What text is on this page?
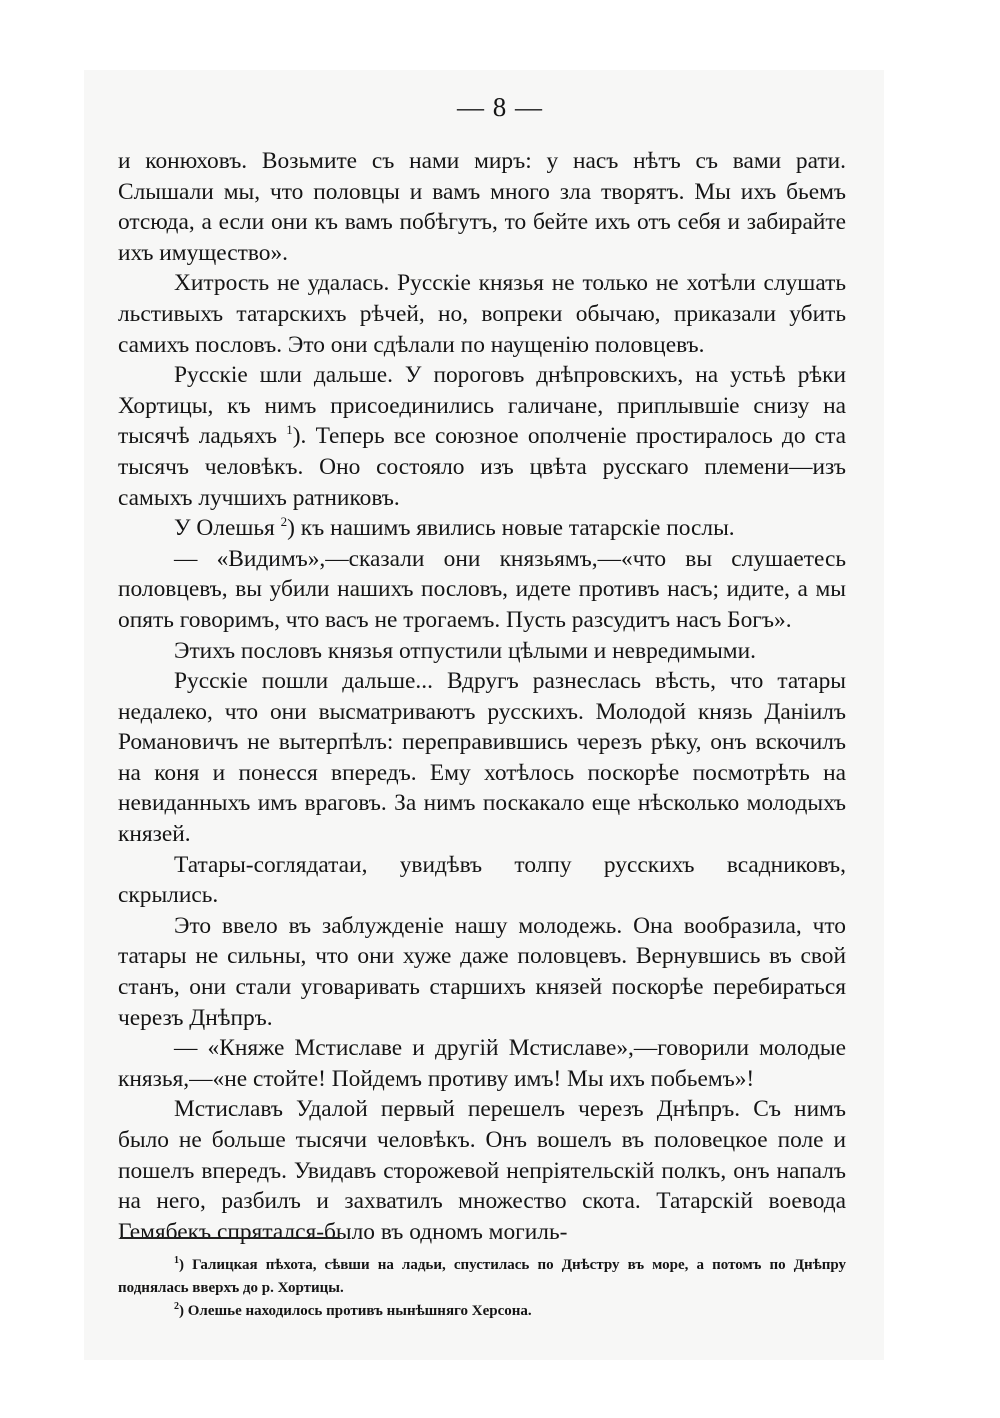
— 8 —

и конюховъ. Возьмите съ нами миръ: у насъ нѣтъ съ вами рати. Слышали мы, что половцы и вамъ много зла творятъ. Мы ихъ бьемъ отсюда, а если они къ вамъ побѣгутъ, то бейте ихъ отъ себя и забирайте ихъ имущество».

Хитрость не удалась. Русскіе князья не только не хотѣли слушать льстивыхъ татарскихъ рѣчей, но, вопреки обычаю, приказали убить самихъ пословъ. Это они сдѣлали по наущенію половцевъ.

Русскіе шли дальше. У пороговъ днѣпровскихъ, на устьѣ рѣки Хортицы, къ нимъ присоединились галичане, приплывшіе снизу на тысячѣ ладьяхъ $^1$). Теперь все союзное ополченіе простиралось до ста тысячъ человѣкъ. Оно состояло изъ цвѣта русскаго племени—изъ самыхъ лучшихъ ратниковъ.

У Олешья $^2$) къ нашимъ явились новые татарскіе послы.

— «Видимъ»,—сказали они князьямъ,—«что вы слушаетесь половцевъ, вы убили нашихъ пословъ, идете противъ насъ; идите, а мы опять говоримъ, что васъ не трогаемъ. Пусть разсудитъ насъ Богъ».

Этихъ пословъ князья отпустили цѣлыми и невредимыми.

Русскіе пошли дальше... Вдругъ разнеслась вѣсть, что татары недалеко, что они высматриваютъ русскихъ. Молодой князь Даніилъ Романовичъ не вытерпѣлъ: переправившись черезъ рѣку, онъ вскочилъ на коня и понесся впередъ. Ему хотѣлось поскорѣе посмотрѣть на невиданныхъ имъ враговъ. За нимъ поскакало еще нѣсколько молодыхъ князей.

Татары-соглядатаи, увидѣвъ толпу русскихъ всадниковъ, скрылись.

Это ввело въ заблужденіе нашу молодежь. Она вообразила, что татары не сильны, что они хуже даже половцевъ. Вернувшись въ свой станъ, они стали уговаривать старшихъ князей поскорѣе перебираться черезъ Днѣпръ.

— «Княже Мстиславе и другій Мстиславе»,—говорили молодые князья,—«не стойте! Пойдемъ противу имъ! Мы ихъ побьемъ»!

Мстиславъ Удалой первый перешелъ черезъ Днѣпръ. Съ нимъ было не больше тысячи человѣкъ. Онъ вошелъ въ половецкое поле и пошелъ впередъ. Увидавъ сторожевой непріятельскій полкъ, онъ напалъ на него, разбилъ и захватилъ множество скота. Татарскій воевода Гемябекъ спрятался-было въ одномъ могиль-

$^1$) Галицкая пѣхота, сѣвши на ладьи, спустилась по Днѣстру въ море, а потомъ по Днѣпру поднялась вверхъ до р. Хортицы.

$^2$) Олешье находилось противъ нынѣшняго Херсона.
